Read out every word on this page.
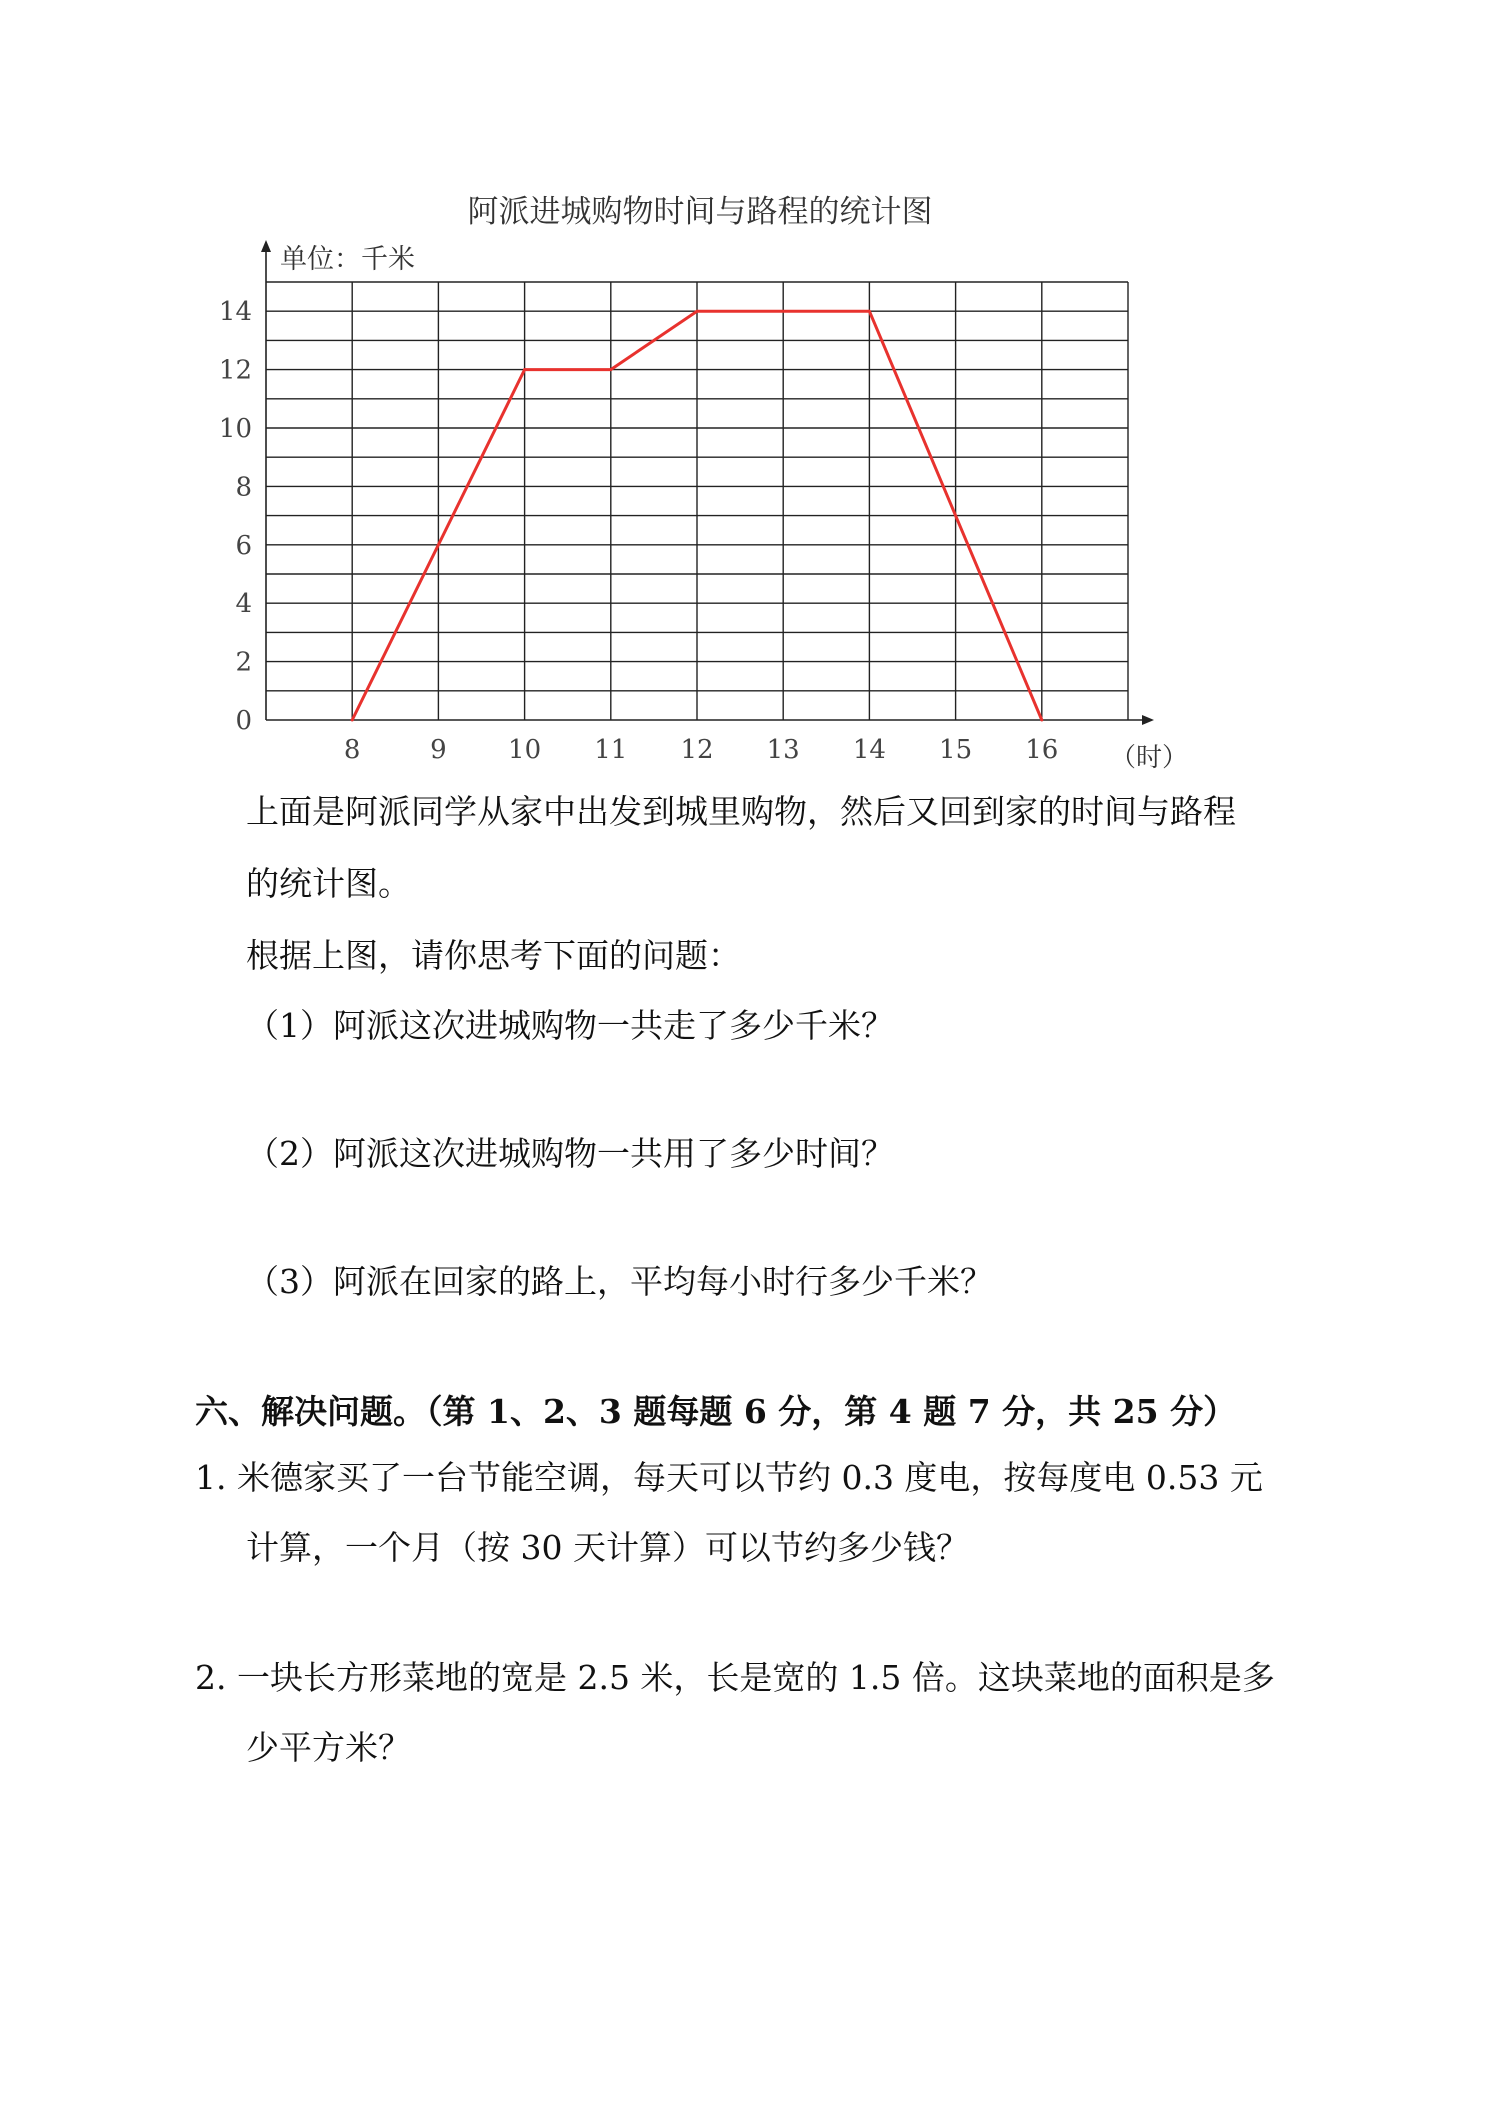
阿派进城购物时间与路程的统计图
单位：千米
（时）
0
2
4
6
8
10
12
14
8	9 10 11 12 13 14 15 16
上面是阿派同学从家中出发到城里购物，然后又回到家的时间与路程
的统计图。
根据上图，请你思考下面的问题：
（1）阿派这次进城购物一共走了多少千米？
（2）阿派这次进城购物一共用了多少时间？
（3）阿派在回家的路上，平均每小时行多少千米？
六、解决问题。（第 1、2、3 题每题 6 分，第 4 题 7 分，共 25 分）
1. 米德家买了一台节能空调，每天可以节约 0.3 度电，按每度电 0.53 元
计算，一个月（按 30 天计算）可以节约多少钱？
2. 一块长方形菜地的宽是 2.5 米，长是宽的 1.5 倍。这块菜地的面积是多
少平方米？
